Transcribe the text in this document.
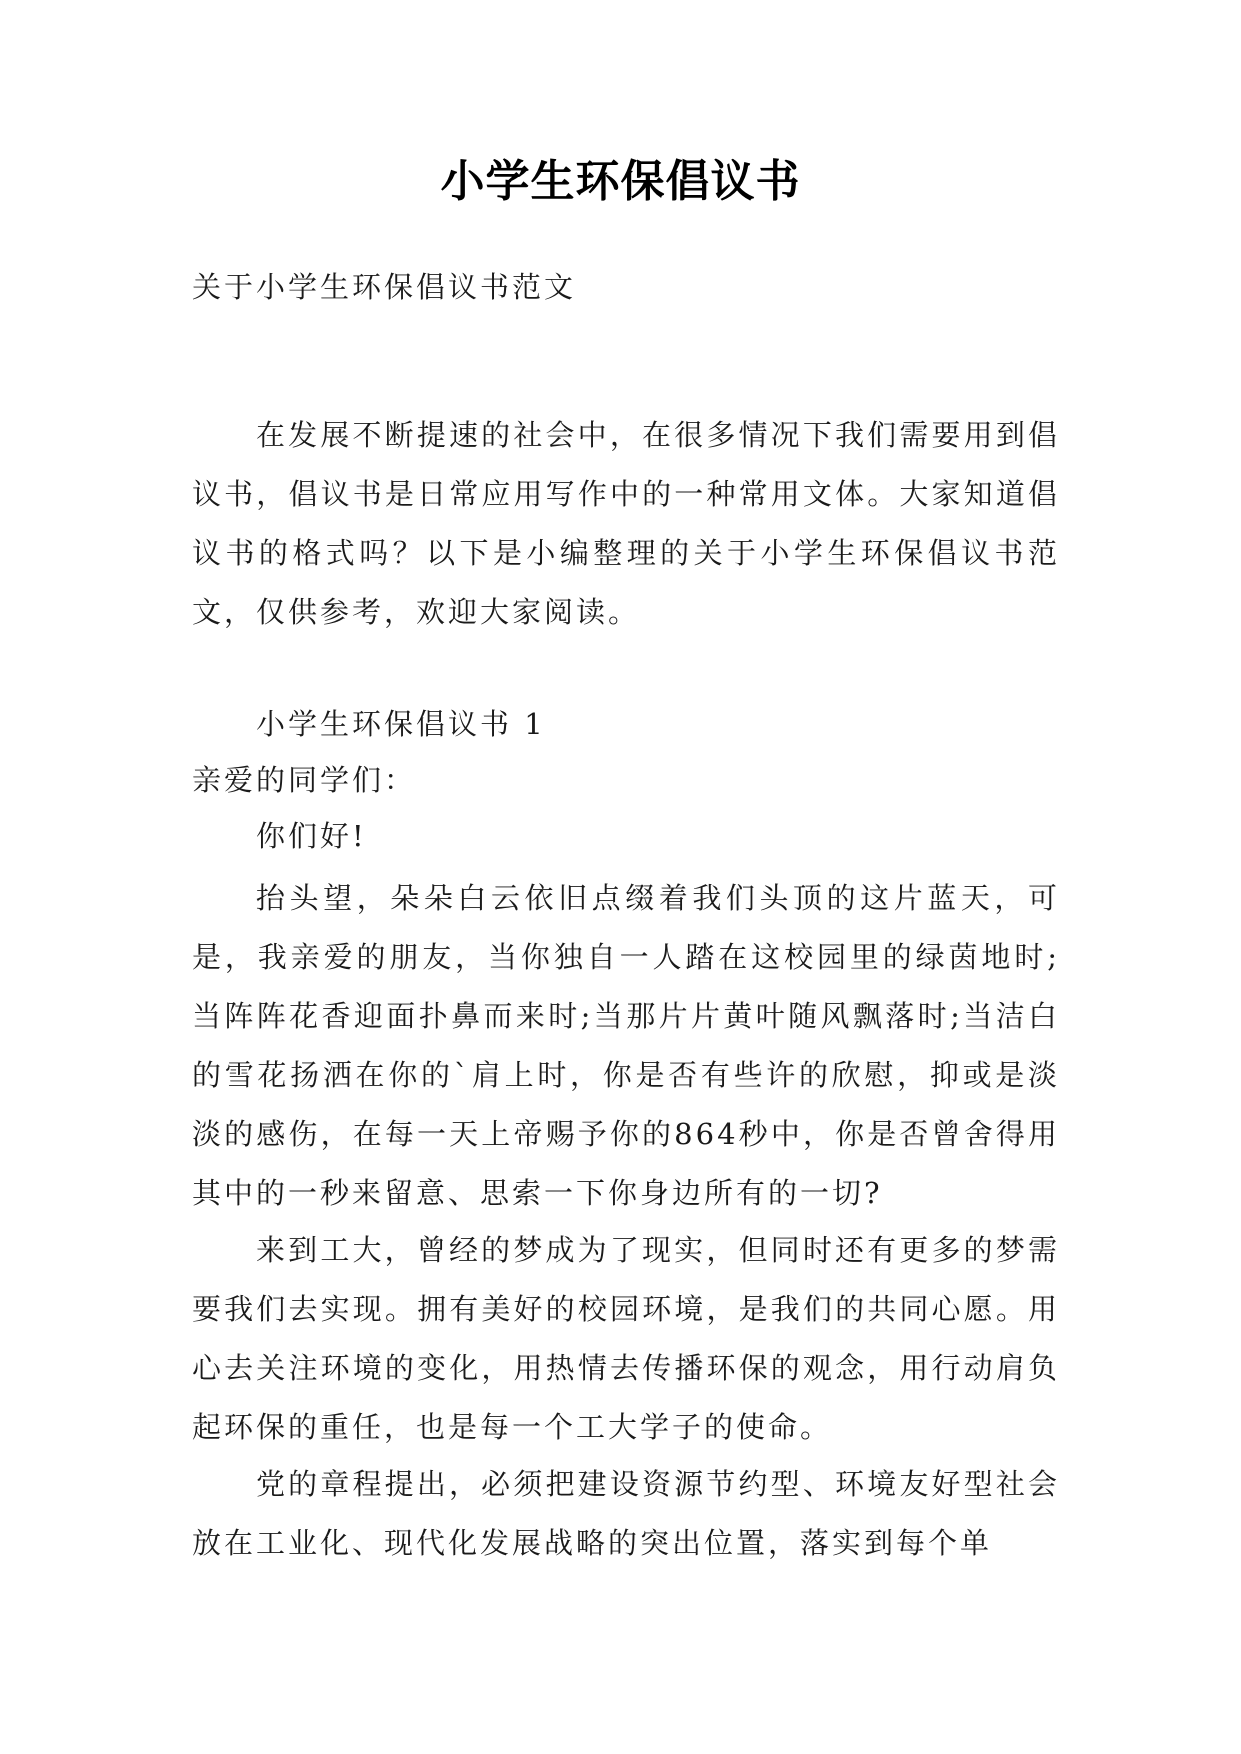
小学生环保倡议书
关于小学生环保倡议书范文

在发展不断提速的社会中，在很多情况下我们需要用到倡议书，倡议书是日常应用写作中的一种常用文体。大家知道倡议书的格式吗？以下是小编整理的关于小学生环保倡议书范文，仅供参考，欢迎大家阅读。

小学生环保倡议书 1

亲爱的同学们：

你们好!

抬头望，朵朵白云依旧点缀着我们头顶的这片蓝天，可是，我亲爱的朋友，当你独自一人踏在这校园里的绿茵地时;当阵阵花香迎面扑鼻而来时;当那片片黄叶随风飘落时;当洁白的雪花扬洒在你的`肩上时，你是否有些许的欣慰，抑或是淡淡的感伤，在每一天上帝赐予你的864秒中，你是否曾舍得用其中的一秒来留意、思索一下你身边所有的一切?

来到工大，曾经的梦成为了现实，但同时还有更多的梦需要我们去实现。拥有美好的校园环境，是我们的共同心愿。用心去关注环境的变化，用热情去传播环保的观念，用行动肩负起环保的重任，也是每一个工大学子的使命。

党的章程提出，必须把建设资源节约型、环境友好型社会放在工业化、现代化发展战略的突出位置，落实到每个单
